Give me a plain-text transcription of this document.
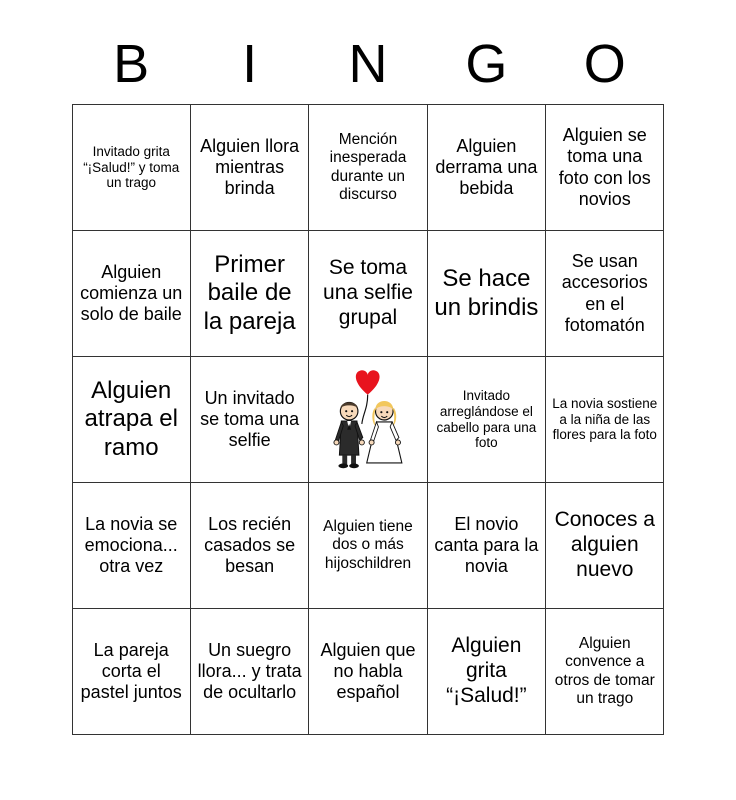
B	I	N	G	O
Invitado grita “¡Salud!” y toma un trago	Alguien llora mientras brinda	Mención inesperada durante un discurso	Alguien derrama una bebida	Alguien se toma una foto con los novios
Alguien comienza un solo de baile	Primer baile de la pareja	Se toma una selfie grupal	Se hace un brindis	Se usan accesorios en el fotomatón
Alguien atrapa el ramo	Un invitado se toma una selfie		Invitado arreglándose el cabello para una foto	La novia sostiene a la niña de las flores para la foto
La novia se emociona... otra vez	Los recién casados se besan	Alguien tiene dos o más hijoschildren	El novio canta para la novia	Conoces a alguien nuevo
La pareja corta el pastel juntos	Un suegro llora... y trata de ocultarlo	Alguien que no habla español	Alguien grita “¡Salud!”	Alguien convence a otros de tomar un trago
